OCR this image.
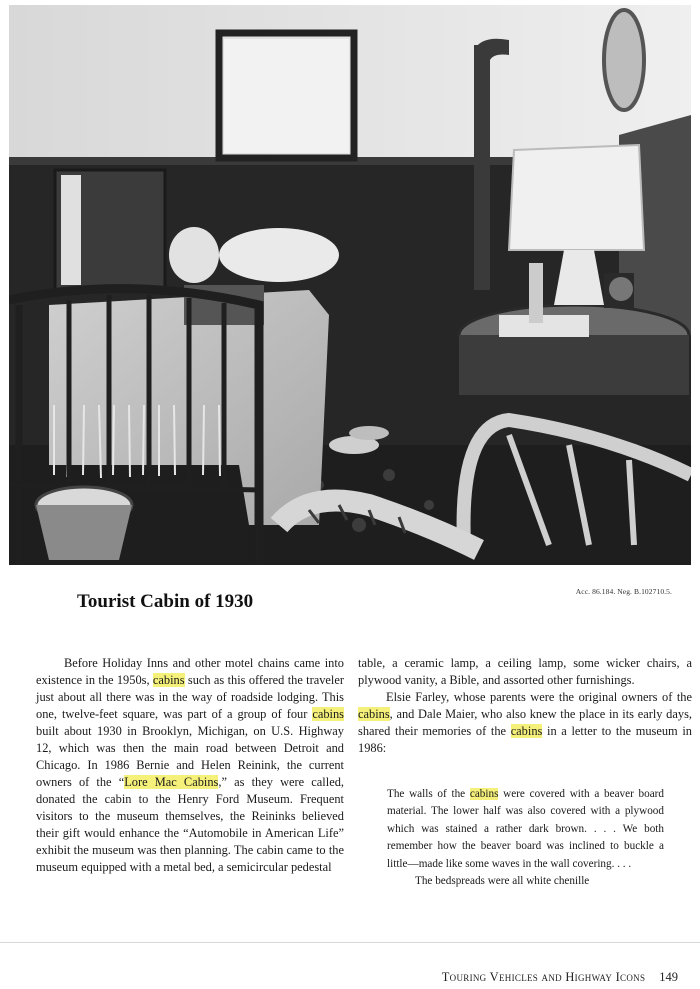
Acc. 86.184. Neg. B.102710.5.
Tourist Cabin of 1930

Before Holiday Inns and other motel chains came into existence in the 1950s, cabins such as this offered the traveler just about all there was in the way of roadside lodging. This one, twelve-feet square, was part of a group of four cabins built about 1930 in Brooklyn, Michigan, on U.S. Highway 12, which was then the main road between Detroit and Chicago. In 1986 Bernie and Helen Reinink, the current owners of the “Lore Mac Cabins,” as they were called, donated the cabin to the Henry Ford Museum. Frequent visitors to the museum themselves, the Reininks believed their gift would enhance the “Automobile in American Life” exhibit the museum was then planning. The cabin came to the museum equipped with a metal bed, a semicircular pedestal

table, a ceramic lamp, a ceiling lamp, some wicker chairs, a plywood vanity, a Bible, and assorted other furnishings.

Elsie Farley, whose parents were the original owners of the cabins, and Dale Maier, who also knew the place in its early days, shared their memories of the cabins in a letter to the museum in 1986:

The walls of the cabins were covered with a beaver board material. The lower half was also covered with a plywood which was stained a rather dark brown. . . . We both remember how the beaver board was inclined to buckle a little—made like some waves in the wall covering. . . .

The bedspreads were all white chenille

Touring Vehicles and Highway Icons 149
